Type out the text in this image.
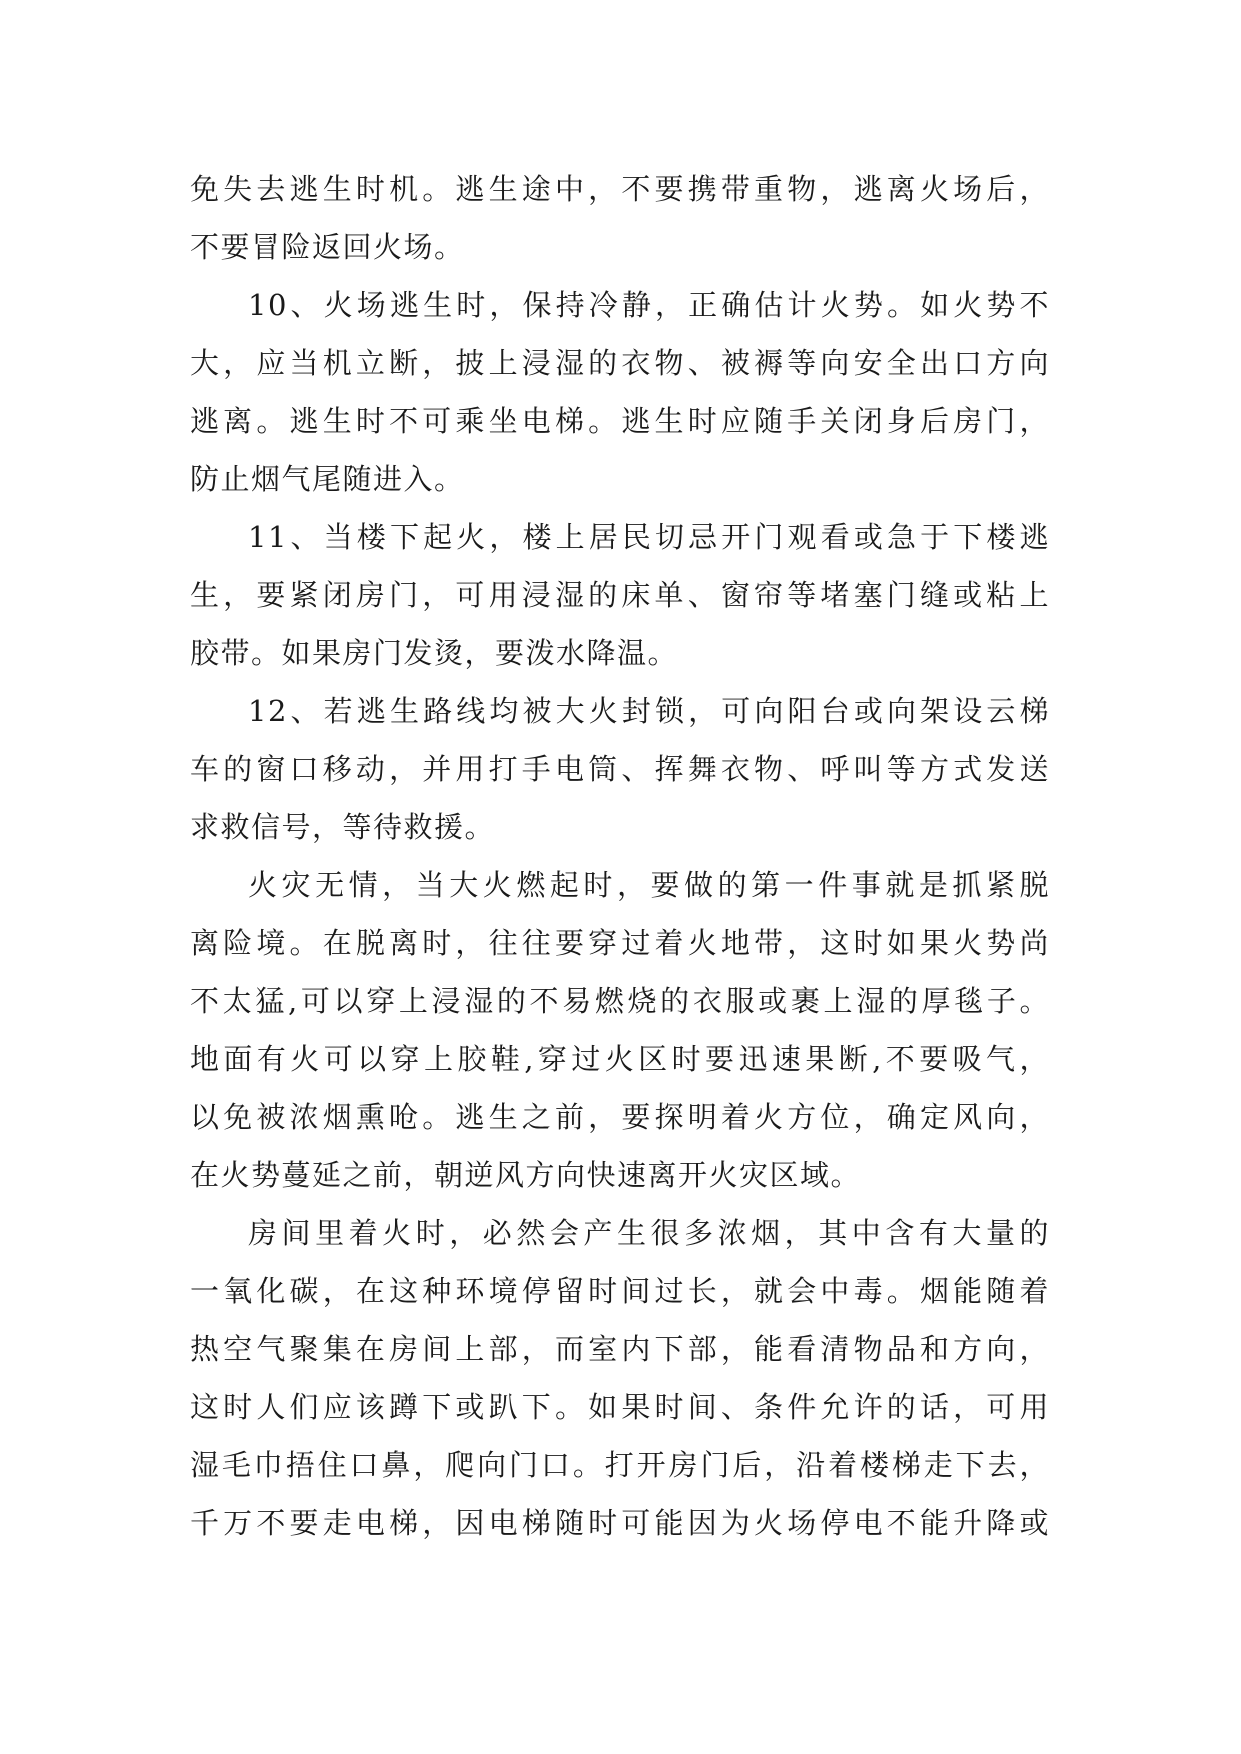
免失去逃生时机。逃生途中，不要携带重物，逃离火场后，
不要冒险返回火场。
10、火场逃生时，保持冷静，正确估计火势。如火势不
大，应当机立断，披上浸湿的衣物、被褥等向安全出口方向
逃离。逃生时不可乘坐电梯。逃生时应随手关闭身后房门，
防止烟气尾随进入。
11、当楼下起火，楼上居民切忌开门观看或急于下楼逃
生，要紧闭房门，可用浸湿的床单、窗帘等堵塞门缝或粘上
胶带。如果房门发烫，要泼水降温。
12、若逃生路线均被大火封锁，可向阳台或向架设云梯
车的窗口移动，并用打手电筒、挥舞衣物、呼叫等方式发送
求救信号，等待救援。
火灾无情，当大火燃起时，要做的第一件事就是抓紧脱
离险境。在脱离时，往往要穿过着火地带，这时如果火势尚
不太猛,可以穿上浸湿的不易燃烧的衣服或裹上湿的厚毯子。
地面有火可以穿上胶鞋,穿过火区时要迅速果断,不要吸气，
以免被浓烟熏呛。逃生之前，要探明着火方位，确定风向，
在火势蔓延之前，朝逆风方向快速离开火灾区域。
房间里着火时，必然会产生很多浓烟，其中含有大量的
一氧化碳，在这种环境停留时间过长，就会中毒。烟能随着
热空气聚集在房间上部，而室内下部，能看清物品和方向，
这时人们应该蹲下或趴下。如果时间、条件允许的话，可用
湿毛巾捂住口鼻，爬向门口。打开房门后，沿着楼梯走下去，
千万不要走电梯，因电梯随时可能因为火场停电不能升降或
